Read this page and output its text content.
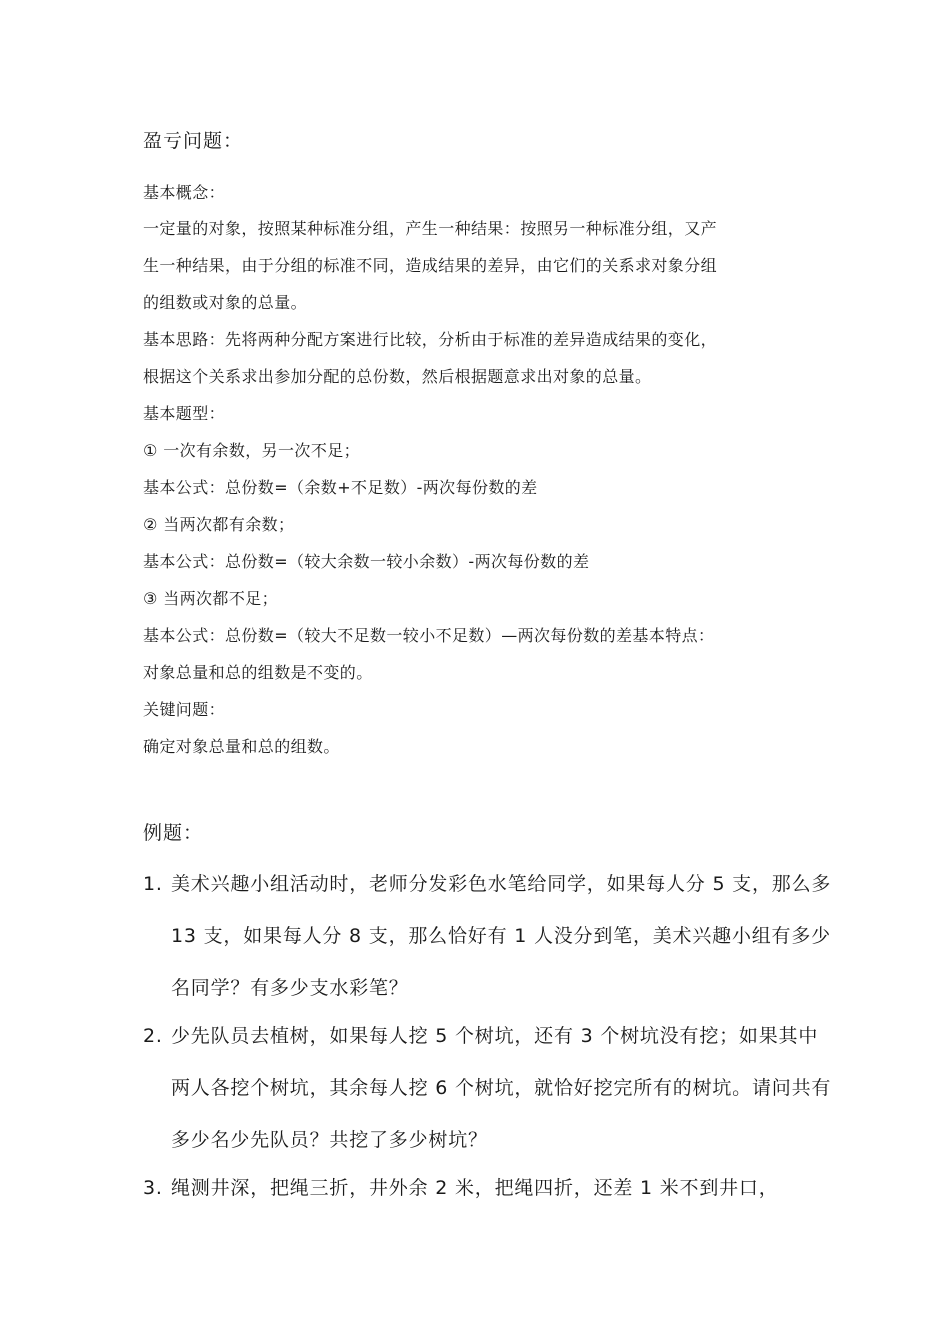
盈亏问题：
基本概念：
一定量的对象，按照某种标准分组，产生一种结果：按照另一种标准分组，又产
生一种结果，由于分组的标准不同，造成结果的差异，由它们的关系求对象分组
的组数或对象的总量。
基本思路：先将两种分配方案进行比较，分析由于标准的差异造成结果的变化，
根据这个关系求出参加分配的总份数，然后根据题意求出对象的总量。
基本题型：
① 一次有余数，另一次不足；
基本公式：总份数=（余数+不足数）-两次每份数的差
② 当两次都有余数；
基本公式：总份数=（较大余数一较小余数）-两次每份数的差
③ 当两次都不足；
基本公式：总份数=（较大不足数一较小不足数）—两次每份数的差基本特点：
对象总量和总的组数是不变的。
关键问题：
确定对象总量和总的组数。
例题：
1. 美术兴趣小组活动时，老师分发彩色水笔给同学，如果每人分 5 支，那么多 13 支，如果每人分 8 支，那么恰好有 1 人没分到笔，美术兴趣小组有多少名同学？有多少支水彩笔？
2. 少先队员去植树，如果每人挖 5 个树坑，还有 3 个树坑没有挖；如果其中两人各挖个树坑，其余每人挖 6 个树坑，就恰好挖完所有的树坑。请问共有多少名少先队员？共挖了多少树坑？
3. 绳测井深，把绳三折，井外余 2 米，把绳四折，还差 1 米不到井口，
